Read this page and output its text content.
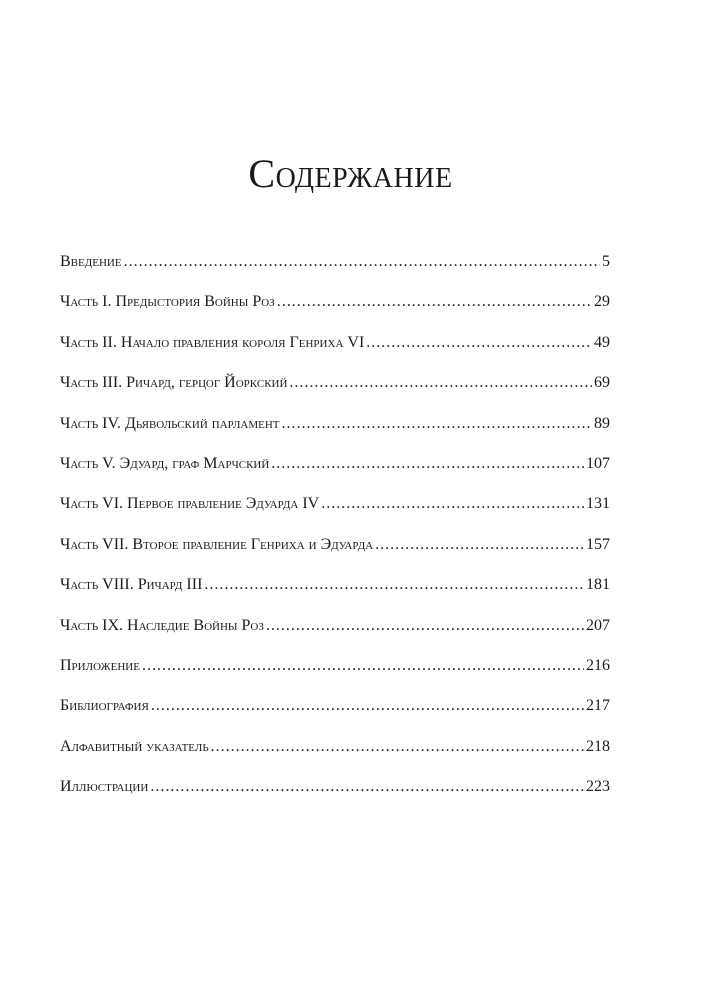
Содержание
Введение .....	5
Часть I. Предыстория Войны Роз .....	29
Часть II. Начало правления короля Генриха VI .....	49
Часть III. Ричард, герцог Йоркский .....	69
Часть IV. Дьявольский парламент .....	89
Часть V. Эдуард, граф Марчский .....	107
Часть VI. Первое правление Эдуарда IV .....	131
Часть VII. Второе правление Генриха и Эдуарда .....	157
Часть VIII. Ричард III .....	181
Часть IX. Наследие Войны Роз .....	207
Приложение .....	216
Библиография .....	217
Алфавитный указатель .....	218
Иллюстрации .....	223
